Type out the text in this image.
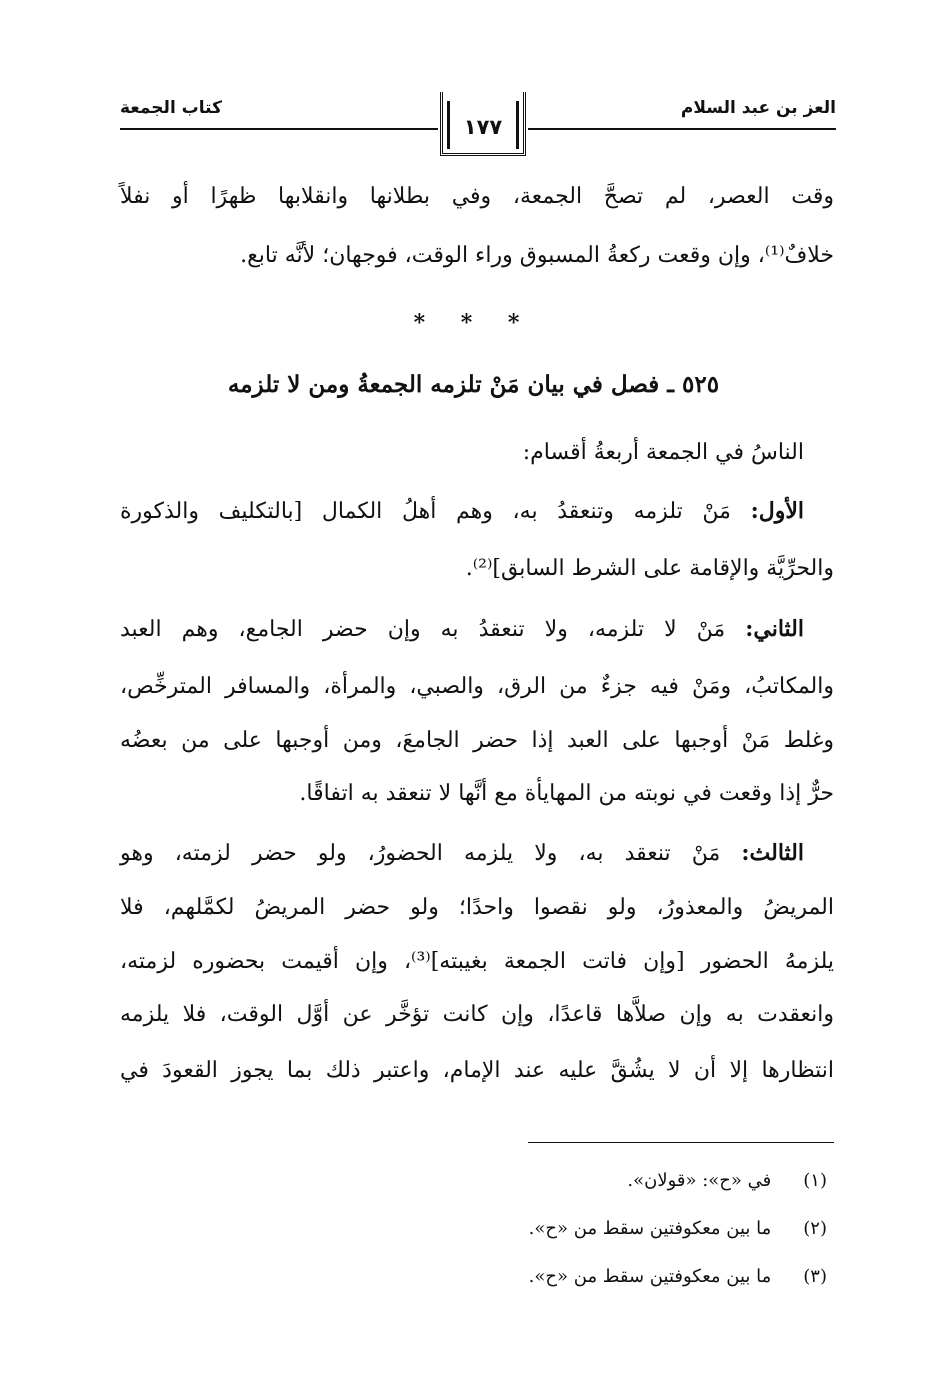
العز بن عبد السلام
كتاب الجمعة
١٧٧
وقت العصر، لم تصحَّ الجمعة، وفي بطلانها وانقلابها ظهرًا أو نفلاً
خلافٌ⁽¹⁾، وإن وقعت ركعةُ المسبوق وراء الوقت، فوجهان؛ لأنَّه تابع.
* * *
٥٢٥ ـ فصل في بيان مَنْ تلزمه الجمعةُ ومن لا تلزمه
الناسُ في الجمعة أربعةُ أقسام:
الأول: مَنْ تلزمه وتنعقدُ به، وهم أهلُ الكمال [بالتكليف والذكورة
والحرِّيَّة والإقامة على الشرط السابق]⁽²⁾.
الثاني: مَنْ لا تلزمه، ولا تنعقدُ به وإن حضر الجامع، وهم العبد
والمكاتبُ، ومَنْ فيه جزءٌ من الرق، والصبي، والمرأة، والمسافر المترخِّص،
وغلط مَنْ أوجبها على العبد إذا حضر الجامعَ، ومن أوجبها على من بعضُه
حرٌّ إذا وقعت في نوبته من المهايأة مع أنَّها لا تنعقد به اتفاقًا.
الثالث: مَنْ تنعقد به، ولا يلزمه الحضورُ، ولو حضر لزمته، وهو
المريضُ والمعذورُ، ولو نقصوا واحدًا؛ ولو حضر المريضُ لكمَّلهم، فلا
يلزمهُ الحضور [وإن فاتت الجمعة بغيبته]⁽³⁾، وإن أقيمت بحضوره لزمته،
وانعقدت به وإن صلاَّها قاعدًا، وإن كانت تؤخَّر عن أوَّل الوقت، فلا يلزمه
انتظارها إلا أن لا يشُقَّ عليه عند الإمام، واعتبر ذلك بما يجوز القعودَ في
(١) في «ح»: «قولان».
(٢) ما بين معكوفتين سقط من «ح».
(٣) ما بين معكوفتين سقط من «ح».
